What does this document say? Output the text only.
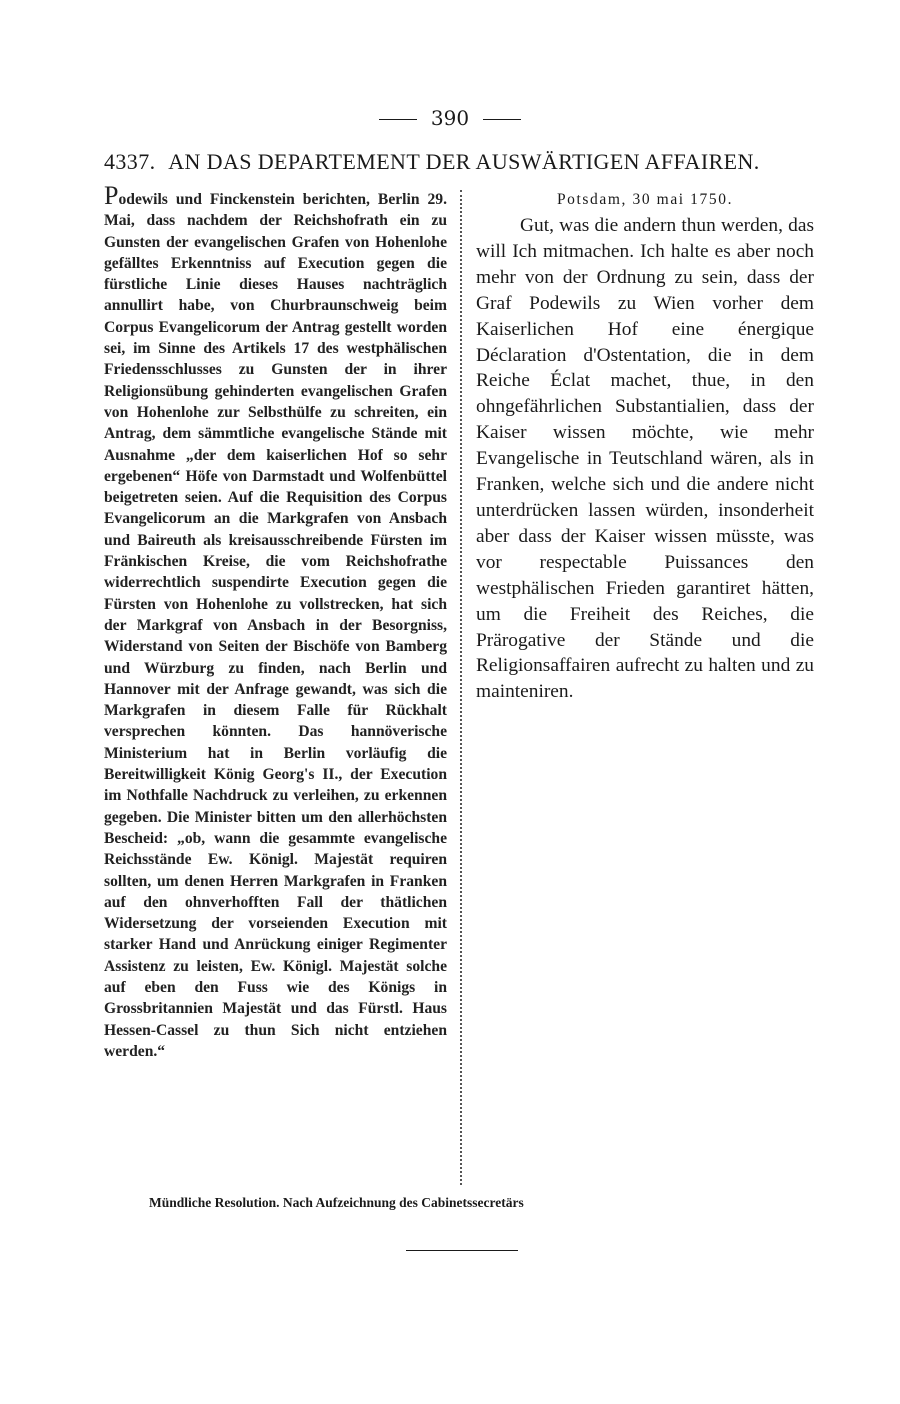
390
4337. AN DAS DEPARTEMENT DER AUSWÄRTIGEN AFFAIREN.
Podewils und Finckenstein berichten, Berlin 29. Mai, dass nachdem der Reichshofrath ein zu Gunsten der evangelischen Grafen von Hohenlohe gefälltes Erkenntniss auf Execution gegen die fürstliche Linie dieses Hauses nachträglich annullirt habe, von Churbraunschweig beim Corpus Evangelicorum der Antrag gestellt worden sei, im Sinne des Artikels 17 des westphälischen Friedensschlusses zu Gunsten der in ihrer Religionsübung gehinderten evangelischen Grafen von Hohenlohe zur Selbsthülfe zu schreiten, ein Antrag, dem sämmtliche evangelische Stände mit Ausnahme „der dem kaiserlichen Hof so sehr ergebenen“ Höfe von Darmstadt und Wolfenbüttel beigetreten seien. Auf die Requisition des Corpus Evangelicorum an die Markgrafen von Ansbach und Baireuth als kreisausschreibende Fürsten im Fränkischen Kreise, die vom Reichshofrathe widerrechtlich suspendirte Execution gegen die Fürsten von Hohenlohe zu vollstrecken, hat sich der Markgraf von Ansbach in der Besorgniss, Widerstand von Seiten der Bischöfe von Bamberg und Würzburg zu finden, nach Berlin und Hannover mit der Anfrage gewandt, was sich die Markgrafen in diesem Falle für Rückhalt versprechen könnten. Das hannöverische Ministerium hat in Berlin vorläufig die Bereitwilligkeit König Georg's II., der Execution im Nothfalle Nachdruck zu verleihen, zu erkennen gegeben. Die Minister bitten um den allerhöchsten Bescheid: „ob, wann die gesammte evangelische Reichsstände Ew. Königl. Majestät requiren sollten, um denen Herren Markgrafen in Franken auf den ohnverhofften Fall der thätlichen Widersetzung der vorseienden Execution mit starker Hand und Anrückung einiger Regimenter Assistenz zu leisten, Ew. Königl. Majestät solche auf eben den Fuss wie des Königs in Grossbritannien Majestät und das Fürstl. Haus Hessen-Cassel zu thun Sich nicht entziehen werden.“
Potsdam, 30 mai 1750.
Gut, was die andern thun werden, das will Ich mitmachen. Ich halte es aber noch mehr von der Ordnung zu sein, dass der Graf Podewils zu Wien vorher dem Kaiserlichen Hof eine énergique Déclaration d'Ostentation, die in dem Reiche Éclat machet, thue, in den ohngefährlichen Substantialien, dass der Kaiser wissen möchte, wie mehr Evangelische in Teutschland wären, als in Franken, welche sich und die andere nicht unterdrücken lassen würden, insonderheit aber dass der Kaiser wissen müsste, was vor respectable Puissances den westphälischen Frieden garantiret hätten, um die Freiheit des Reiches, die Prärogative der Stände und die Religionsaffairen aufrecht zu halten und zu mainteniren.
Mündliche Resolution. Nach Aufzeichnung des Cabinetssecretärs
